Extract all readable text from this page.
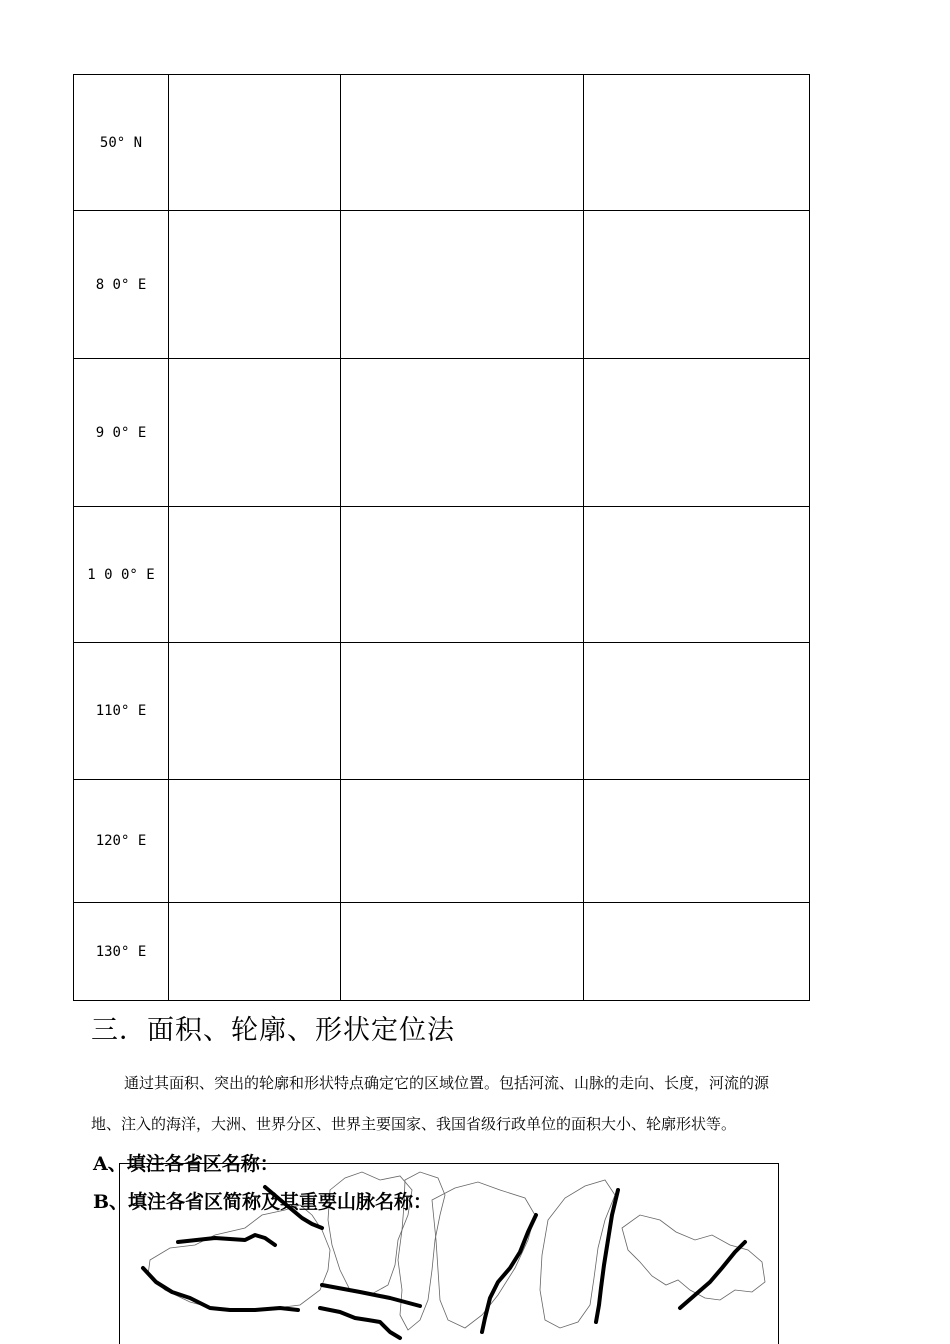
50° N			
8 0° E			
9 0° E			
1 0 0° E			
110° E			
120° E			
130° E			
三．面积、轮廓、形状定位法
通过其面积、突出的轮廓和形状特点确定它的区域位置。包括河流、山脉的走向、长度，河流的源
地、注入的海洋，大洲、世界分区、世界主要国家、我国省级行政单位的面积大小、轮廓形状等。
A、填注各省区名称：
B、填注各省区简称及其重要山脉名称：
